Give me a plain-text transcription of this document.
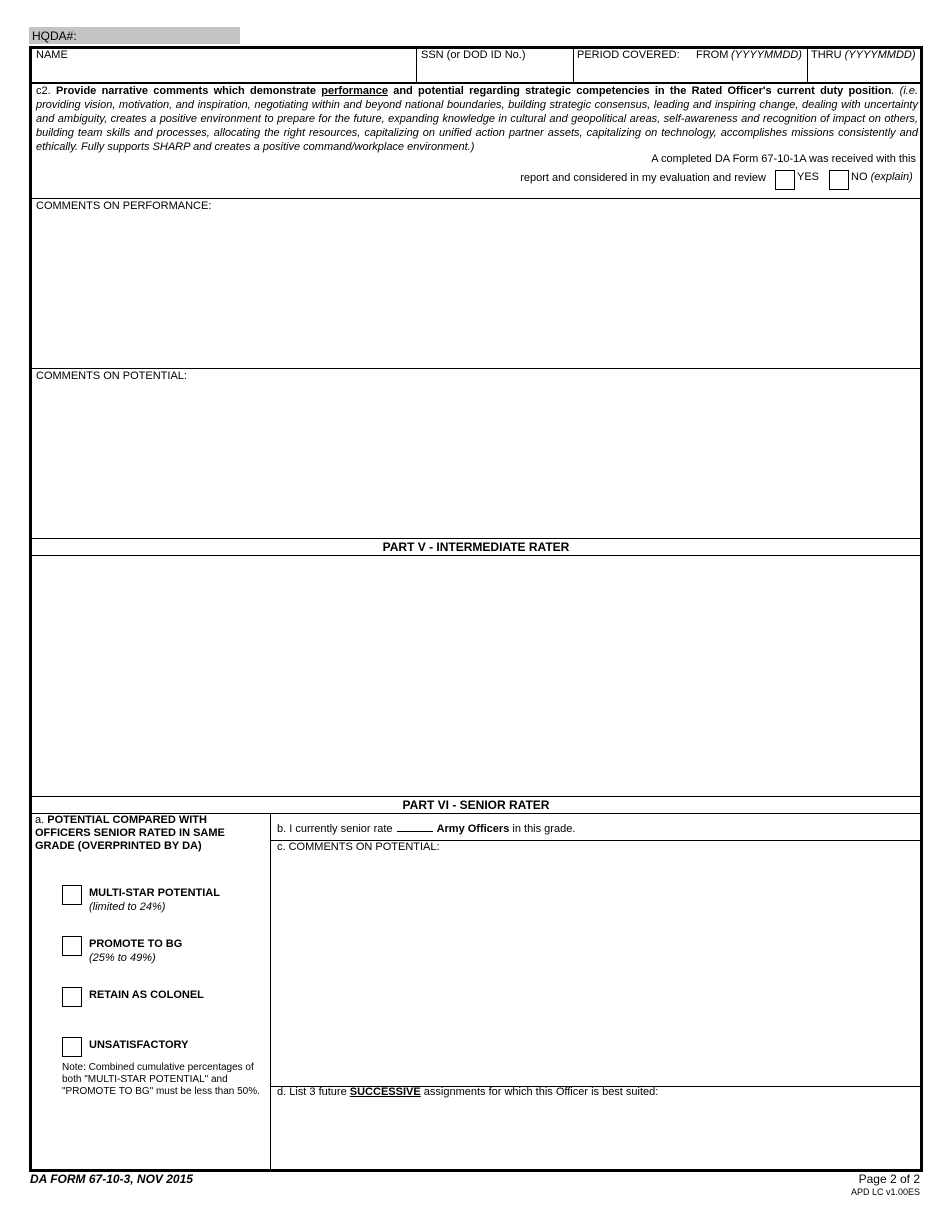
HQDA#:
NAME	SSN (or DOD ID No.)	PERIOD COVERED: FROM (YYYYMMDD) THRU (YYYYMMDD)
c2. Provide narrative comments which demonstrate performance and potential regarding strategic competencies in the Rated Officer's current duty position. (i.e. providing vision, motivation, and inspiration, negotiating within and beyond national boundaries, building strategic consensus, leading and inspiring change, dealing with uncertainty and ambiguity, creates a positive environment to prepare for the future, expanding knowledge in cultural and geopolitical areas, self-awareness and recognition of impact on others, building team skills and processes, allocating the right resources, capitalizing on unified action partner assets, capitalizing on technology, accomplishes missions consistently and ethically. Fully supports SHARP and creates a positive command/workplace environment.)
A completed DA Form 67-10-1A was received with this
report and considered in my evaluation and review	YES	NO (explain)
COMMENTS ON PERFORMANCE:
COMMENTS ON POTENTIAL:
PART V - INTERMEDIATE RATER
PART VI - SENIOR RATER
a. POTENTIAL COMPARED WITH OFFICERS SENIOR RATED IN SAME GRADE (OVERPRINTED BY DA)
MULTI-STAR POTENTIAL
(limited to 24%)
PROMOTE TO BG
(25% to 49%)
RETAIN AS COLONEL
UNSATISFACTORY
Note: Combined cumulative percentages of both "MULTI-STAR POTENTIAL" and "PROMOTE TO BG" must be less than 50%.
b. I currently senior rate	Army Officers in this grade.
c. COMMENTS ON POTENTIAL:
d. List 3 future SUCCESSIVE assignments for which this Officer is best suited:
DA FORM 67-10-3, NOV 2015	Page 2 of 2
APD LC v1.00ES
